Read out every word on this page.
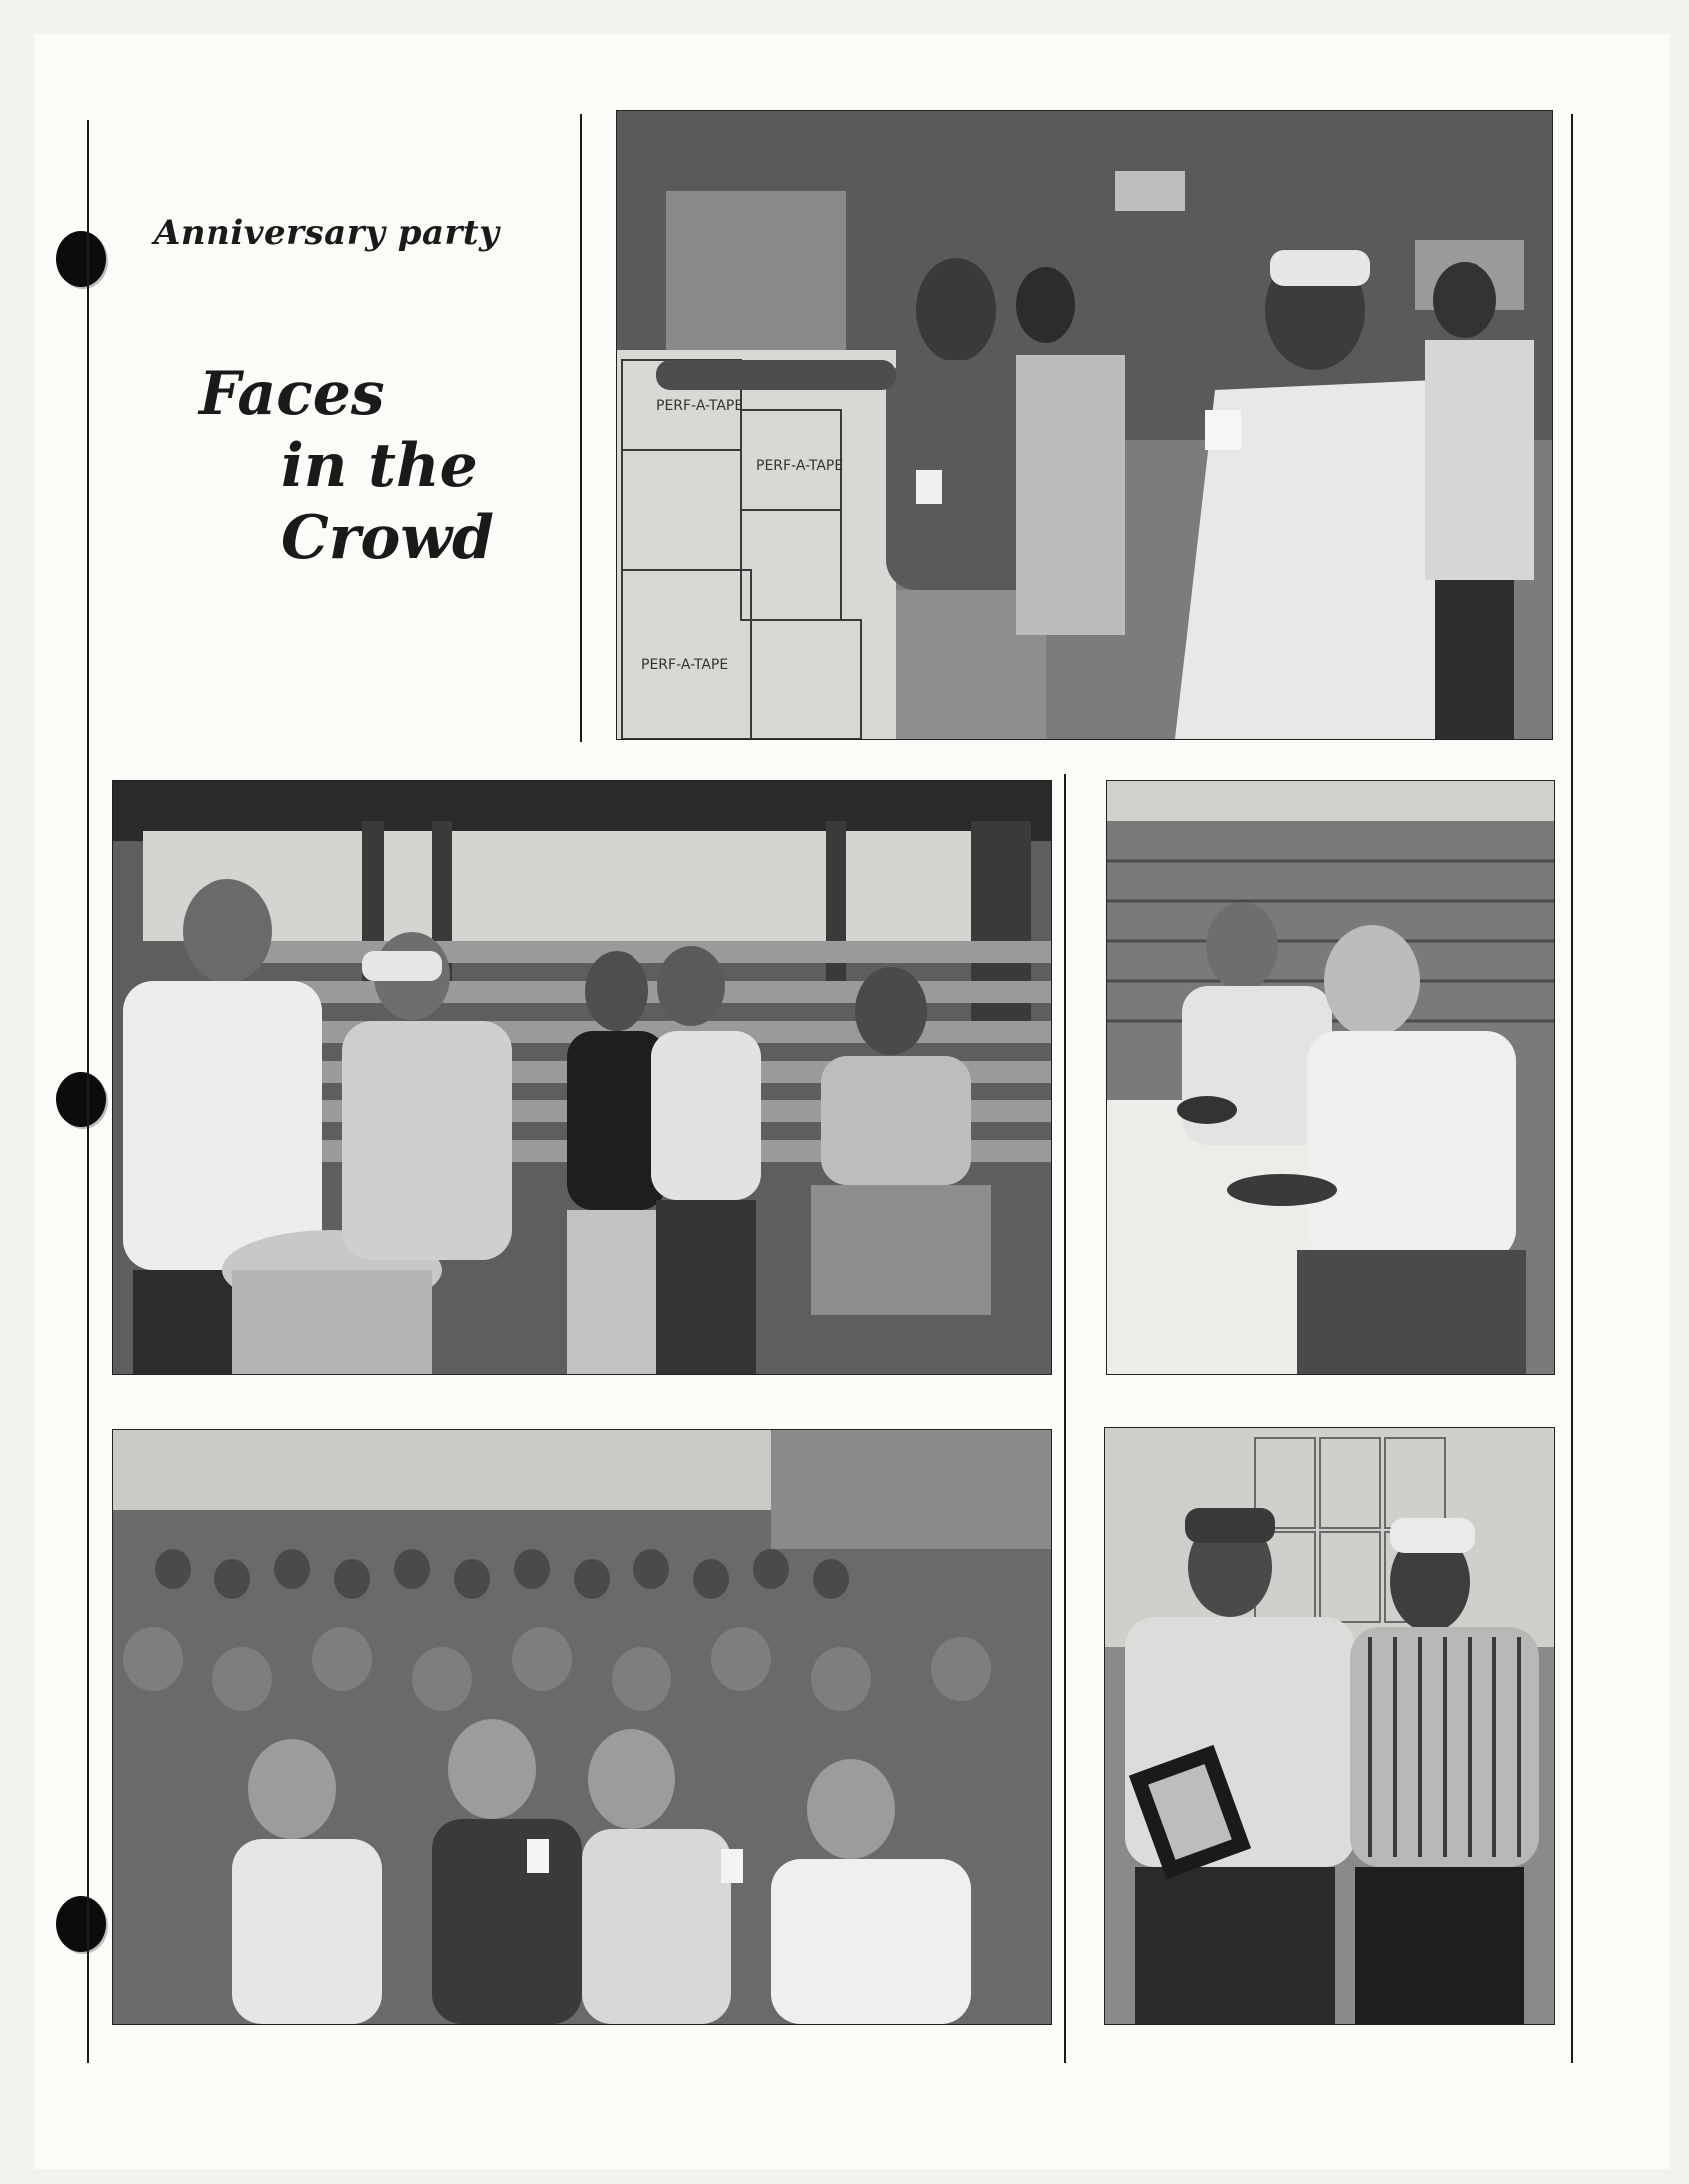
Anniversary party
Faces
in the
Crowd
PERF-A-TAPE
PERF-A-TAPE
PERF-A-TAPE
